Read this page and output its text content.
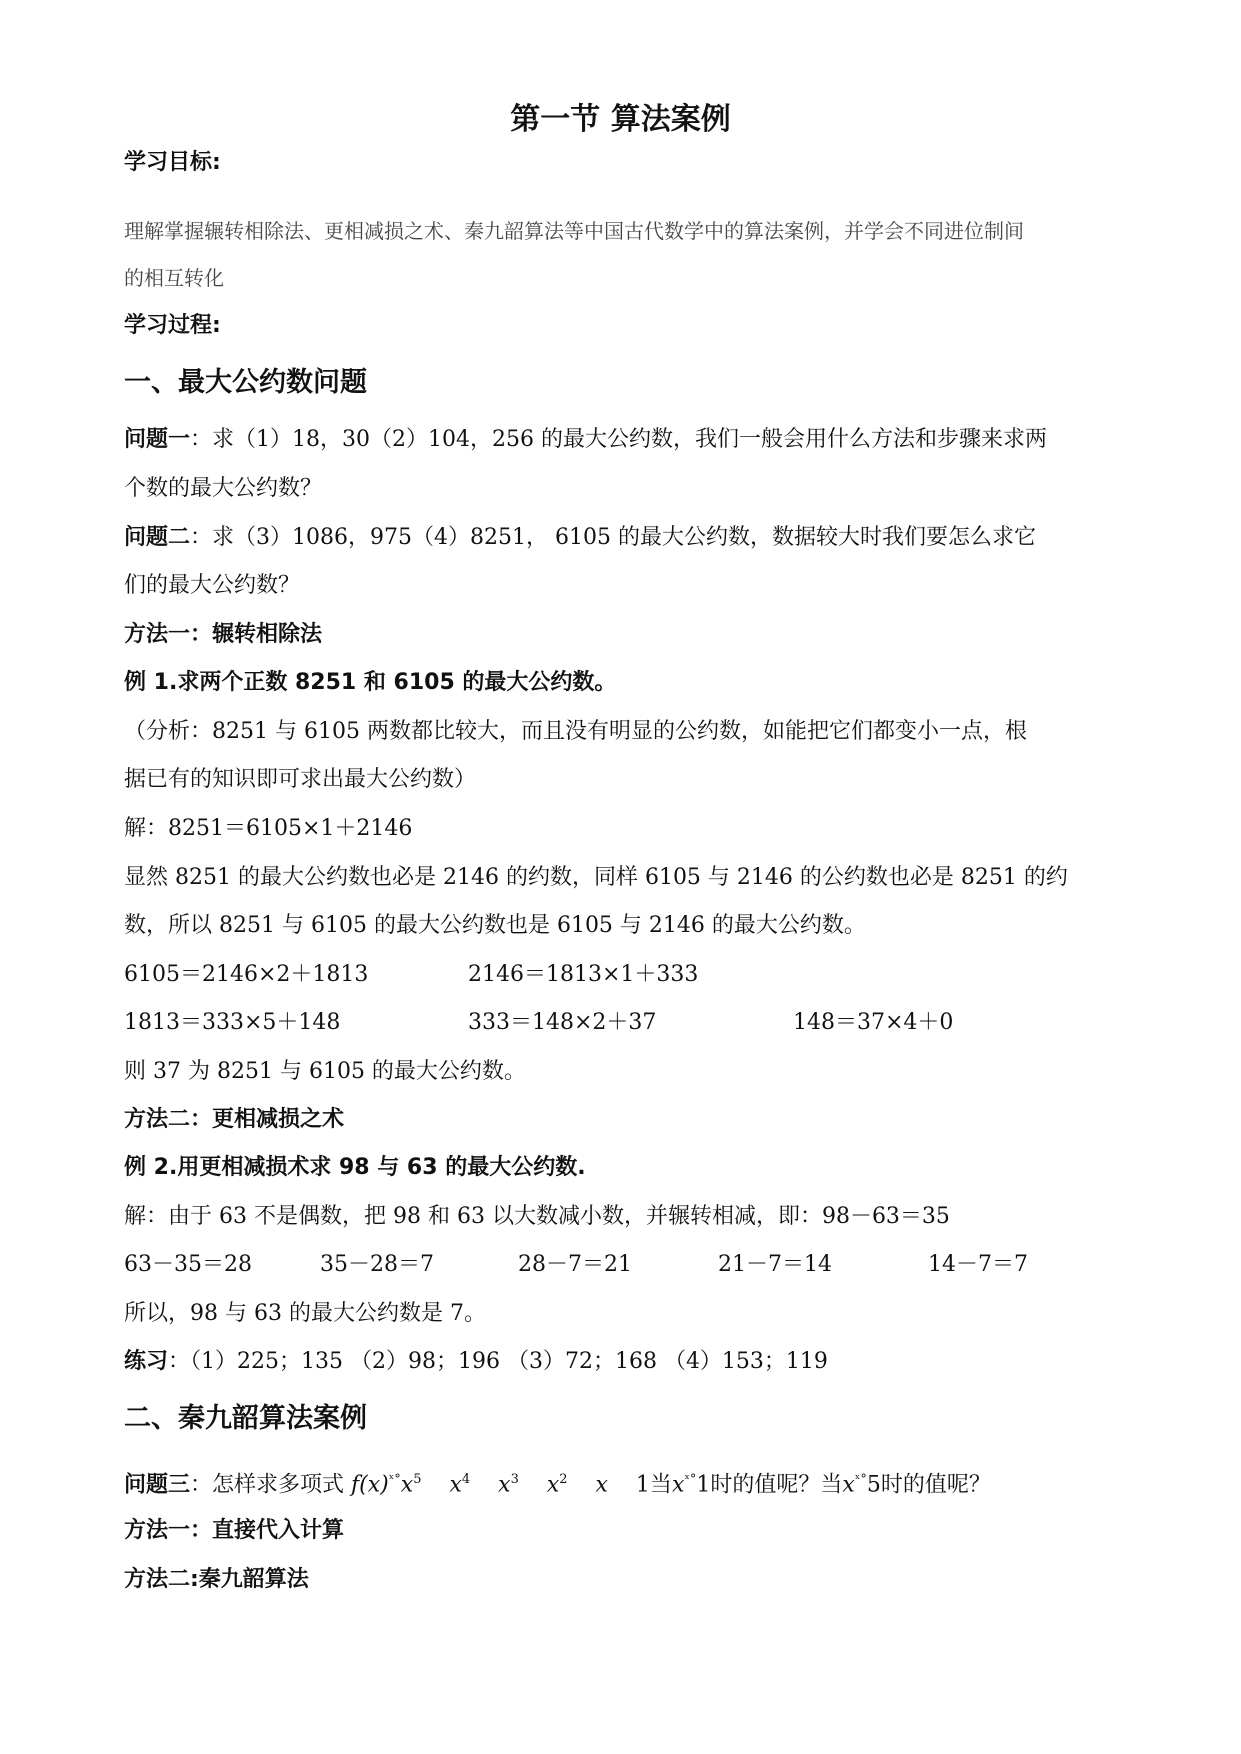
第一节 算法案例
学习目标:
理解掌握辗转相除法、更相减损之术、秦九韶算法等中国古代数学中的算法案例，并学会不同进位制间
的相互转化
学习过程:
一、最大公约数问题
问题一：求（1）18，30（2）104，256 的最大公约数，我们一般会用什么方法和步骤来求两
个数的最大公约数？
问题二：求（3）1086，975（4）8251， 6105 的最大公约数，数据较大时我们要怎么求它
们的最大公约数？
方法一：辗转相除法
例 1.求两个正数 8251 和 6105 的最大公约数。
（分析：8251 与 6105 两数都比较大，而且没有明显的公约数，如能把它们都变小一点，根
据已有的知识即可求出最大公约数）
解：8251＝6105×1＋2146
显然 8251 的最大公约数也必是 2146 的约数，同样 6105 与 2146 的公约数也必是 8251 的约
数，所以 8251 与 6105 的最大公约数也是 6105 与 2146 的最大公约数。
6105＝2146×2＋1813	2146＝1813×1＋333
1813＝333×5＋148	333＝148×2＋37	148＝37×4＋0
则 37 为 8251 与 6105 的最大公约数。
方法二：更相减损之术
例 2.用更相减损术求 98 与 63 的最大公约数.
解：由于 63 不是偶数，把 98 和 63 以大数减小数，并辗转相减，即：98－63＝35
63－35＝28	35－28＝7	28－7＝21	21－7＝14	14－7＝7
所以，98 与 63 的最大公约数是 7。
练习：（1）225；135 （2）98；196 （3）72；168 （4）153；119
二、秦九韶算法案例
问题三：怎样求多项式 $f(x)^{ˣ^\circ}x^5$ $x^4$ $x^3$ $x^2$ x 1当$x^{ˣ^\circ}1$时的值呢？当$x^{ˣ^\circ}5$时的值呢？
方法一：直接代入计算
方法二:秦九韶算法
